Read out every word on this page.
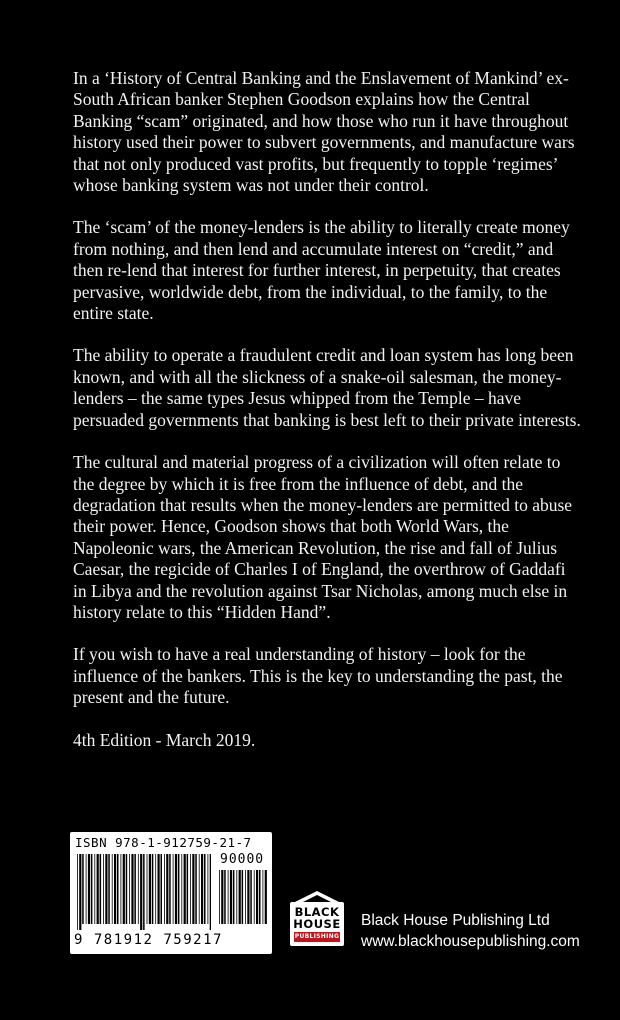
In a ‘History of Central Banking and the Enslavement of Mankind’ ex-South African banker Stephen Goodson explains how the Central Banking “scam” originated, and how those who run it have throughout history used their power to subvert governments, and manufacture wars that not only produced vast profits, but frequently to topple ‘regimes’ whose banking system was not under their control.

The ‘scam’ of the money-lenders is the ability to literally create money from nothing, and then lend and accumulate interest on “credit,” and then re-lend that interest for further interest, in perpetuity, that creates pervasive, worldwide debt, from the individual, to the family, to the entire state.

The ability to operate a fraudulent credit and loan system has long been known, and with all the slickness of a snake-oil salesman, the money-lenders – the same types Jesus whipped from the Temple – have persuaded governments that banking is best left to their private interests.

The cultural and material progress of a civilization will often relate to the degree by which it is free from the influence of debt, and the degradation that results when the money-lenders are permitted to abuse their power. Hence, Goodson shows that both World Wars, the Napoleonic wars, the American Revolution, the rise and fall of Julius Caesar, the regicide of Charles I of England, the overthrow of Gaddafi in Libya and the revolution against Tsar Nicholas, among much else in history relate to this “Hidden Hand”.

If you wish to have a real understanding of history – look for the influence of the bankers. This is the key to understanding the past, the present and the future.

4th Edition - March 2019.

ISBN 978-1-912759-21-7
90000
9 781912 759217
BLACK
HOUSE
PUBLISHING
Black House Publishing Ltd
www.blackhousepublishing.com
